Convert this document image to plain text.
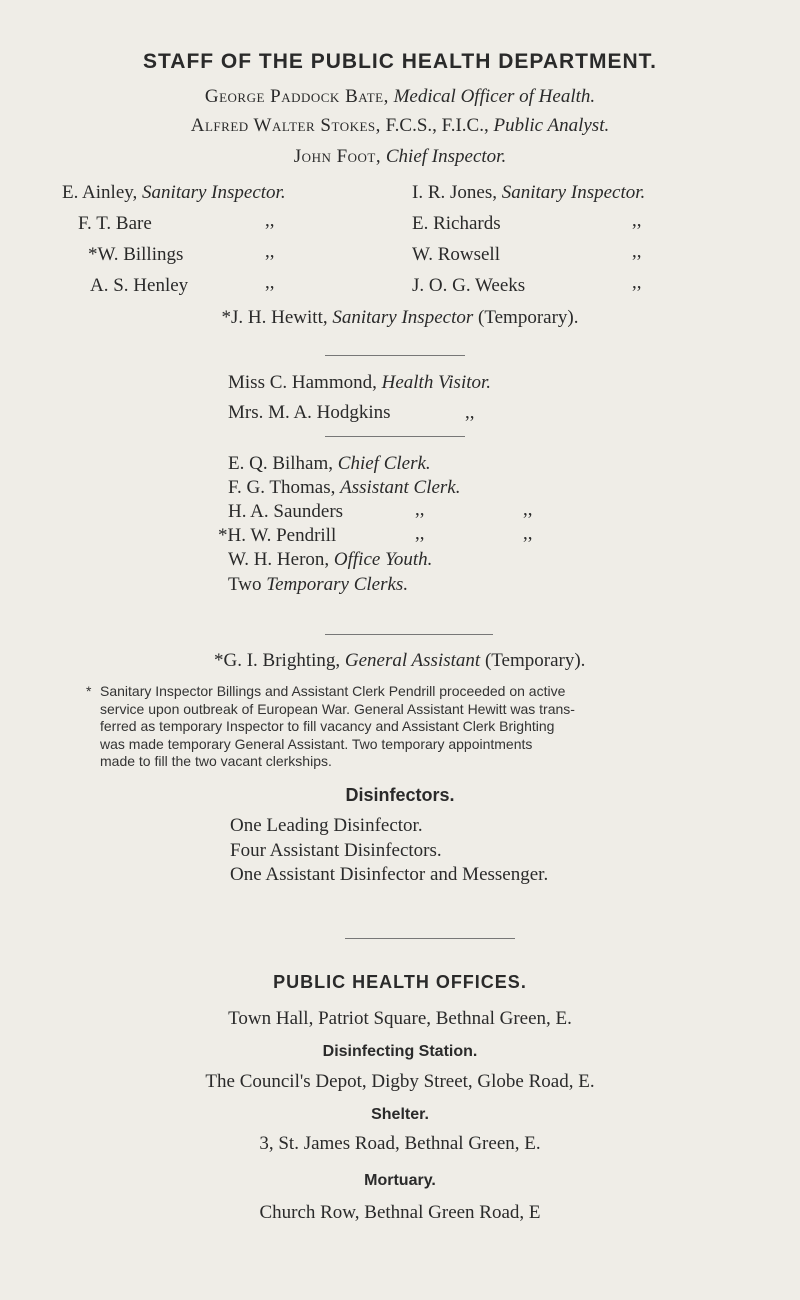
STAFF OF THE PUBLIC HEALTH DEPARTMENT.
George Paddock Bate, Medical Officer of Health.
Alfred Walter Stokes, F.C.S., F.I.C., Public Analyst.
John Foot, Chief Inspector.
E. Ainley, Sanitary Inspector.
F. T. Bare	,,
*W. Billings	,,
A. S. Henley	,,
I. R. Jones, Sanitary Inspector.
E. Richards	,,
W. Rowsell	,,
J. O. G. Weeks	,,
*J. H. Hewitt, Sanitary Inspector (Temporary).
Miss C. Hammond, Health Visitor.
Mrs. M. A. Hodgkins	,,
E. Q. Bilham, Chief Clerk.
F. G. Thomas, Assistant Clerk.
H. A. Saunders	,,	,,
*H. W. Pendrill	,,	,,
W. H. Heron, Office Youth.
Two Temporary Clerks.
*G. I. Brighting, General Assistant (Temporary).
* Sanitary Inspector Billings and Assistant Clerk Pendrill proceeded on active
service upon outbreak of European War. General Assistant Hewitt was trans-
ferred as temporary Inspector to fill vacancy and Assistant Clerk Brighting
was made temporary General Assistant. Two temporary appointments
made to fill the two vacant clerkships.
Disinfectors.
One Leading Disinfector.
Four Assistant Disinfectors.
One Assistant Disinfector and Messenger.
PUBLIC HEALTH OFFICES.
Town Hall, Patriot Square, Bethnal Green, E.
Disinfecting Station.
The Council's Depot, Digby Street, Globe Road, E.
Shelter.
3, St. James Road, Bethnal Green, E.
Mortuary.
Church Row, Bethnal Green Road, E
